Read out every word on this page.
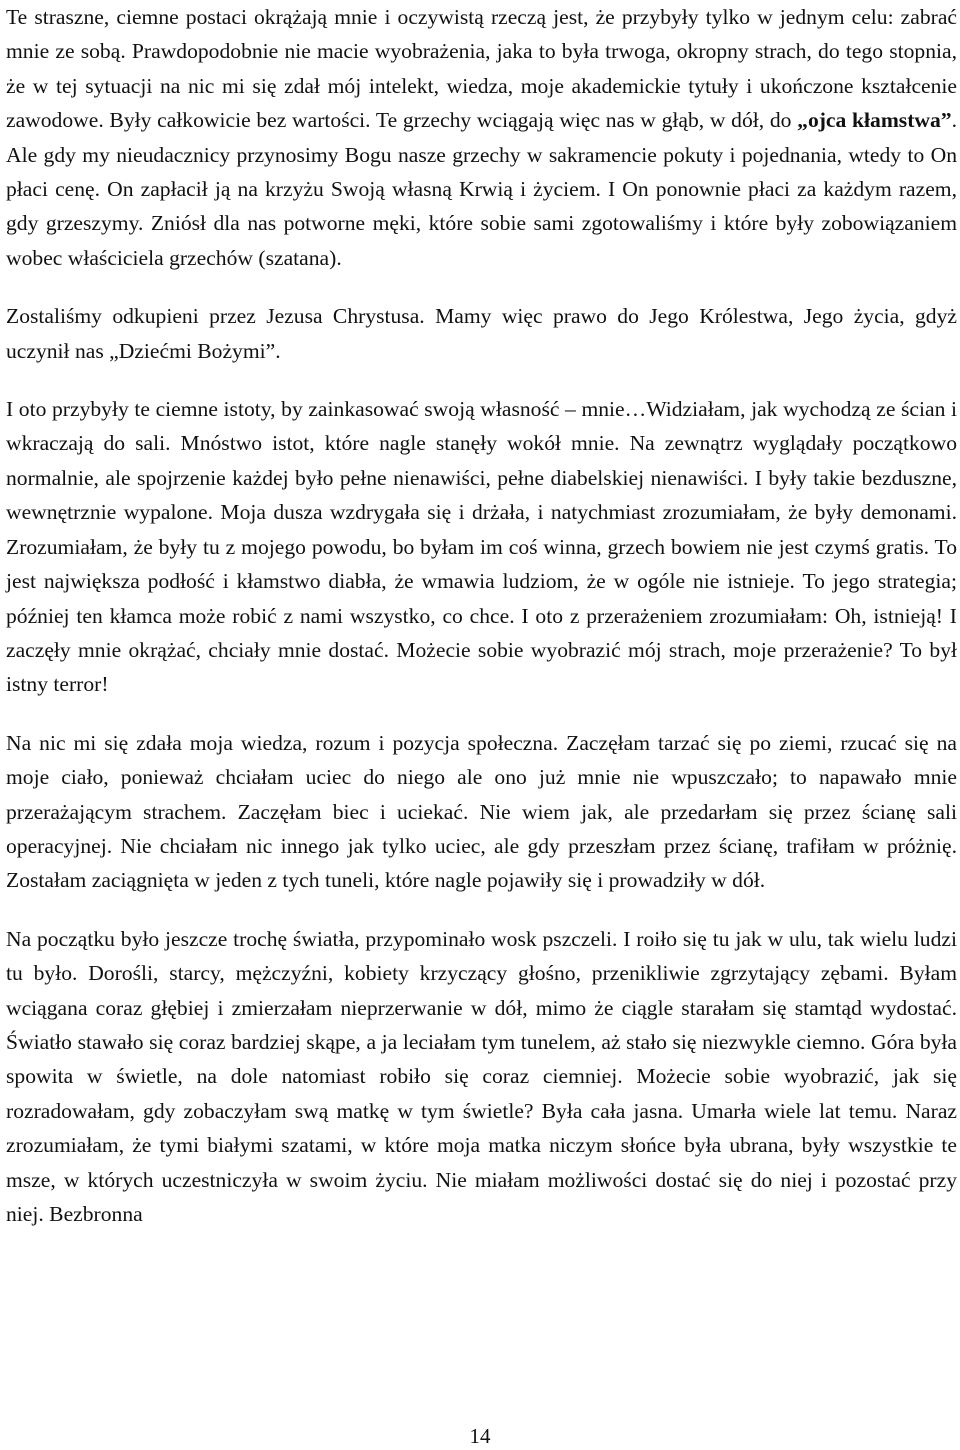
Te straszne, ciemne postaci okrążają mnie i oczywistą rzeczą jest, że przybyły tylko w jednym celu: zabrać mnie ze sobą. Prawdopodobnie nie macie wyobrażenia, jaka to była trwoga, okropny strach, do tego stopnia, że w tej sytuacji na nic mi się zdał mój intelekt, wiedza, moje akademickie tytuły i ukończone kształcenie zawodowe. Były całkowicie bez wartości. Te grzechy wciągają więc nas w głąb, w dół, do „ojca kłamstwa”. Ale gdy my nieudacznicy przynosimy Bogu nasze grzechy w sakramencie pokuty i pojednania, wtedy to On płaci cenę. On zapłacił ją na krzyżu Swoją własną Krwią i życiem. I On ponownie płaci za każdym razem, gdy grzeszymy. Zniósł dla nas potworne męki, które sobie sami zgotowaliśmy i które były zobowiązaniem wobec właściciela grzechów (szatana).

Zostaliśmy odkupieni przez Jezusa Chrystusa. Mamy więc prawo do Jego Królestwa, Jego życia, gdyż uczynił nas „Dziećmi Bożymi”.

I oto przybyły te ciemne istoty, by zainkasować swoją własność – mnie…Widziałam, jak wychodzą ze ścian i wkraczają do sali. Mnóstwo istot, które nagle stanęły wokół mnie. Na zewnątrz wyglądały początkowo normalnie, ale spojrzenie każdej było pełne nienawiści, pełne diabelskiej nienawiści. I były takie bezduszne, wewnętrznie wypalone. Moja dusza wzdrygała się i drżała, i natychmiast zrozumiałam, że były demonami. Zrozumiałam, że były tu z mojego powodu, bo byłam im coś winna, grzech bowiem nie jest czymś gratis. To jest największa podłość i kłamstwo diabła, że wmawia ludziom, że w ogóle nie istnieje. To jego strategia; później ten kłamca może robić z nami wszystko, co chce. I oto z przerażeniem zrozumiałam: Oh, istnieją! I zaczęły mnie okrążać, chciały mnie dostać. Możecie sobie wyobrazić mój strach, moje przerażenie? To był istny terror!

Na nic mi się zdała moja wiedza, rozum i pozycja społeczna. Zaczęłam tarzać się po ziemi, rzucać się na moje ciało, ponieważ chciałam uciec do niego ale ono już mnie nie wpuszczało; to napawało mnie przerażającym strachem. Zaczęłam biec i uciekać. Nie wiem jak, ale przedarłam się przez ścianę sali operacyjnej. Nie chciałam nic innego jak tylko uciec, ale gdy przeszłam przez ścianę, trafiłam w próżnię. Zostałam zaciągnięta w jeden z tych tuneli, które nagle pojawiły się i prowadziły w dół.

Na początku było jeszcze trochę światła, przypominało wosk pszczeli. I roiło się tu jak w ulu, tak wielu ludzi tu było. Dorośli, starcy, mężczyźni, kobiety krzyczący głośno, przenikliwie zgrzytający zębami. Byłam wciągana coraz głębiej i zmierzałam nieprzerwanie w dół, mimo że ciągle starałam się stamtąd wydostać. Światło stawało się coraz bardziej skąpe, a ja leciałam tym tunelem, aż stało się niezwykle ciemno. Góra była spowita w świetle, na dole natomiast robiło się coraz ciemniej. Możecie sobie wyobrazić, jak się rozradowałam, gdy zobaczyłam swą matkę w tym świetle? Była cała jasna. Umarła wiele lat temu. Naraz zrozumiałam, że tymi białymi szatami, w które moja matka niczym słońce była ubrana, były wszystkie te msze, w których uczestniczyła w swoim życiu. Nie miałam możliwości dostać się do niej i pozostać przy niej. Bezbronna

14
